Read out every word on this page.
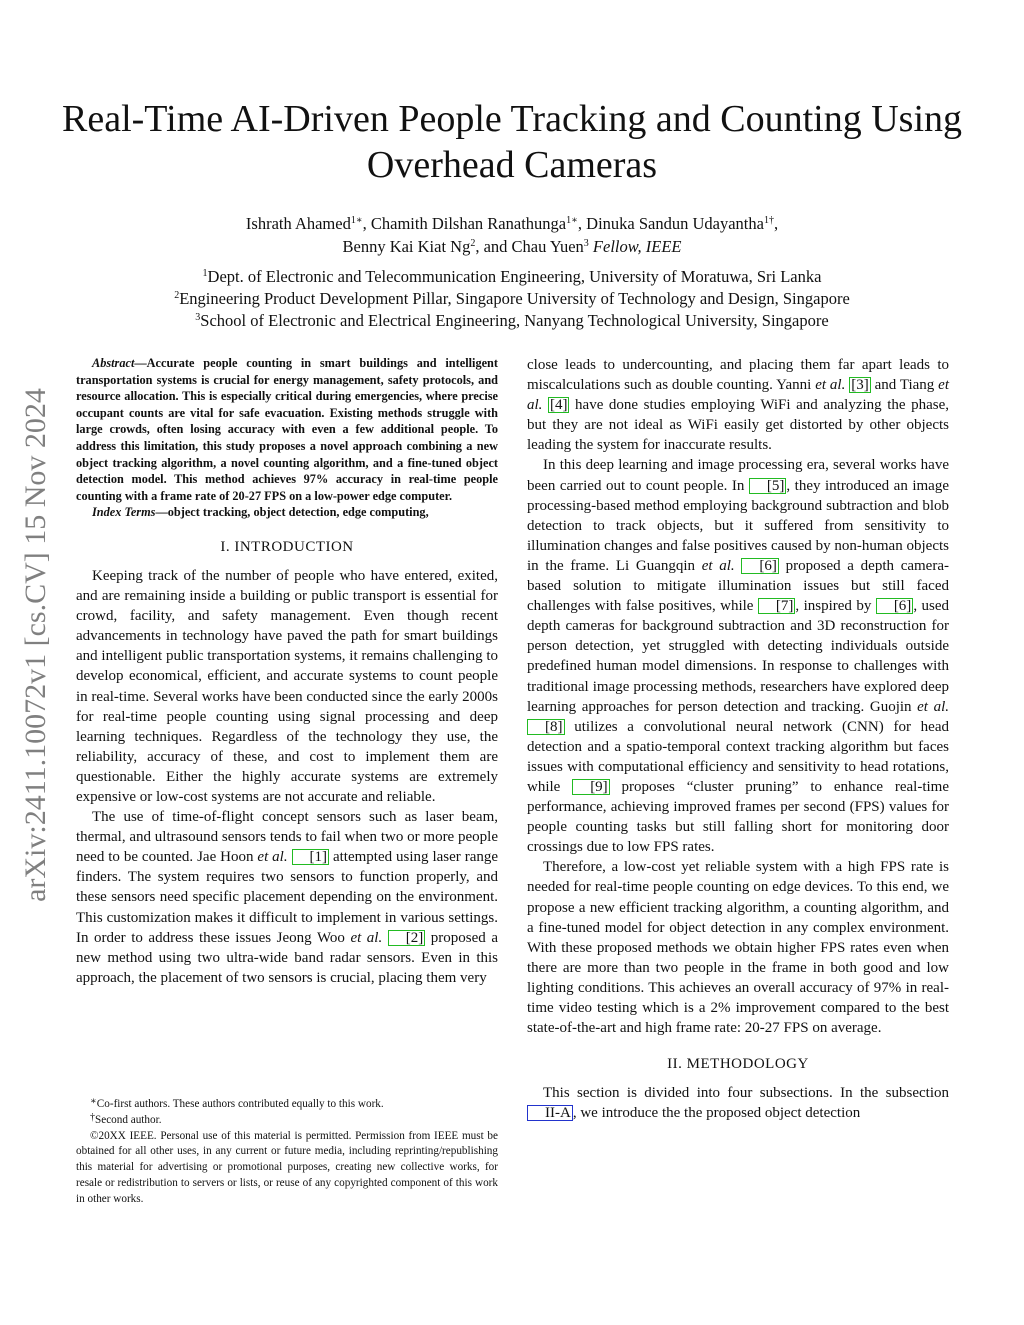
Real-Time AI-Driven People Tracking and Counting Using Overhead Cameras
Ishrath Ahamed$^{1∗}$, Chamith Dilshan Ranathunga$^{1∗}$, Dinuka Sandun Udayantha$^{1\dagger}$,
Benny Kai Kiat Ng$^2$, and Chau Yuen$^3$ Fellow, IEEE
$^1$Dept. of Electronic and Telecommunication Engineering, University of Moratuwa, Sri Lanka
$^2$Engineering Product Development Pillar, Singapore University of Technology and Design, Singapore
$^3$School of Electronic and Electrical Engineering, Nanyang Technological University, Singapore
arXiv:2411.10072v1 [cs.CV] 15 Nov 2024

Abstract—Accurate people counting in smart buildings and intelligent transportation systems is crucial for energy management, safety protocols, and resource allocation. This is especially critical during emergencies, where precise occupant counts are vital for safe evacuation. Existing methods struggle with large crowds, often losing accuracy with even a few additional people. To address this limitation, this study proposes a novel approach combining a new object tracking algorithm, a novel counting algorithm, and a fine-tuned object detection model. This method achieves 97% accuracy in real-time people counting with a frame rate of 20-27 FPS on a low-power edge computer.

Index Terms—object tracking, object detection, edge computing,

I. INTRODUCTION

Keeping track of the number of people who have entered, exited, and are remaining inside a building or public transport is essential for crowd, facility, and safety management. Even though recent advancements in technology have paved the path for smart buildings and intelligent public transportation systems, it remains challenging to develop economical, efficient, and accurate systems to count people in real-time. Several works have been conducted since the early 2000s for real-time people counting using signal processing and deep learning techniques. Regardless of the technology they use, the reliability, accuracy of these, and cost to implement them are questionable. Either the highly accurate systems are extremely expensive or low-cost systems are not accurate and reliable.

The use of time-of-flight concept sensors such as laser beam, thermal, and ultrasound sensors tends to fail when two or more people need to be counted. Jae Hoon et al. [1] attempted using laser range finders. The system requires two sensors to function properly, and these sensors need specific placement depending on the environment. This customization makes it difficult to implement in various settings. In order to address these issues Jeong Woo et al. [2] proposed a new method using two ultra-wide band radar sensors. Even in this approach, the placement of two sensors is crucial, placing them very

close leads to undercounting, and placing them far apart leads to miscalculations such as double counting. Yanni et al. [3] and Tiang et al. [4] have done studies employing WiFi and analyzing the phase, but they are not ideal as WiFi easily get distorted by other objects leading the system for inaccurate results.

In this deep learning and image processing era, several works have been carried out to count people. In [5] , they introduced an image processing-based method employing background subtraction and blob detection to track objects, but it suffered from sensitivity to illumination changes and false positives caused by non-human objects in the frame. Li Guangqin et al. [6] proposed a depth camera-based solution to mitigate illumination issues but still faced challenges with false positives, while [7] , inspired by [6] , used depth cameras for background subtraction and 3D reconstruction for person detection, yet struggled with detecting individuals outside predefined human model dimensions. In response to challenges with traditional image processing methods, researchers have explored deep learning approaches for person detection and tracking. Guojin et al. [8] utilizes a convolutional neural network (CNN) for head detection and a spatio-temporal context tracking algorithm but faces issues with computational efficiency and sensitivity to head rotations, while [9] proposes “cluster pruning” to enhance real-time performance, achieving improved frames per second (FPS) values for people counting tasks but still falling short for monitoring door crossings due to low FPS rates.

Therefore, a low-cost yet reliable system with a high FPS rate is needed for real-time people counting on edge devices. To this end, we propose a new efficient tracking algorithm, a counting algorithm, and a fine-tuned model for object detection in any complex environment. With these proposed methods we obtain higher FPS rates even when there are more than two people in the frame in both good and low lighting conditions. This achieves an overall accuracy of 97% in real-time video testing which is a 2% improvement compared to the best state-of-the-art and high frame rate: 20-27 FPS on average.

II. METHODOLOGY

This section is divided into four subsections. In the subsection II-A , we introduce the the proposed object detection

∗Co-first authors. These authors contributed equally to this work.

†Second author.

©20XX IEEE. Personal use of this material is permitted. Permission from IEEE must be obtained for all other uses, in any current or future media, including reprinting/republishing this material for advertising or promotional purposes, creating new collective works, for resale or redistribution to servers or lists, or reuse of any copyrighted component of this work in other works.
